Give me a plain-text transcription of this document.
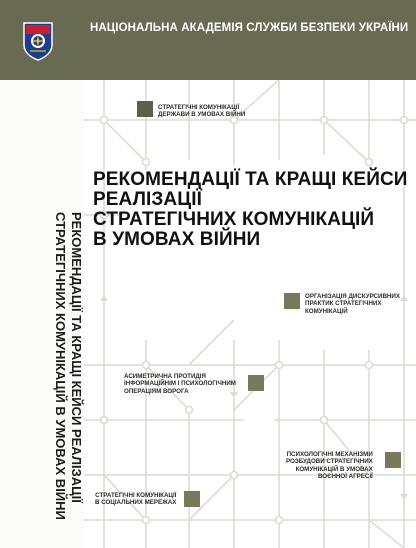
НАЦІОНАЛЬНА АКАДЕМІЯ СЛУЖБИ БЕЗПЕКИ УКРАЇНИ
РЕКОМЕНДАЦІЇ ТА КРАЩІ КЕЙСИ РЕАЛІЗАЦІЇ
СТРАТЕГІЧНИХ КОМУНІКАЦІЙ В УМОВАХ ВІЙНИ
РЕКОМЕНДАЦІЇ ТА КРАЩІ КЕЙСИ
РЕАЛІЗАЦІЇ
СТРАТЕГІЧНИХ КОМУНІКАЦІЙ
В УМОВАХ ВІЙНИ
СТРАТЕГІЧНІ КОМУНІКАЦІЇ
ДЕРЖАВИ В УМОВАХ ВІЙНИ
ОРГАНІЗАЦІЯ ДИСКУРСИВНИХ
ПРАКТИК СТРАТЕГІЧНИХ
КОМУНІКАЦІЙ
АСИМЕТРИЧНА ПРОТИДІЯ
ІНФОРМАЦІЙНІМ І ПСИХОЛОГІЧНИМ
ОПЕРАЦІЯМ ВОРОГА
ПСИХОЛОГІЧНІ МЕХАНІЗМИ
РОЗБУДОВИ СТРАТЕГІЧНИХ
КОМУНІКАЦІЙ В УМОВАХ
ВОЄННОЇ АГРЕСІЇ
СТРАТЕГІЧНІ КОМУНІКАЦІЇ
В СОЦІАЛЬНИХ МЕРЕЖАХ
